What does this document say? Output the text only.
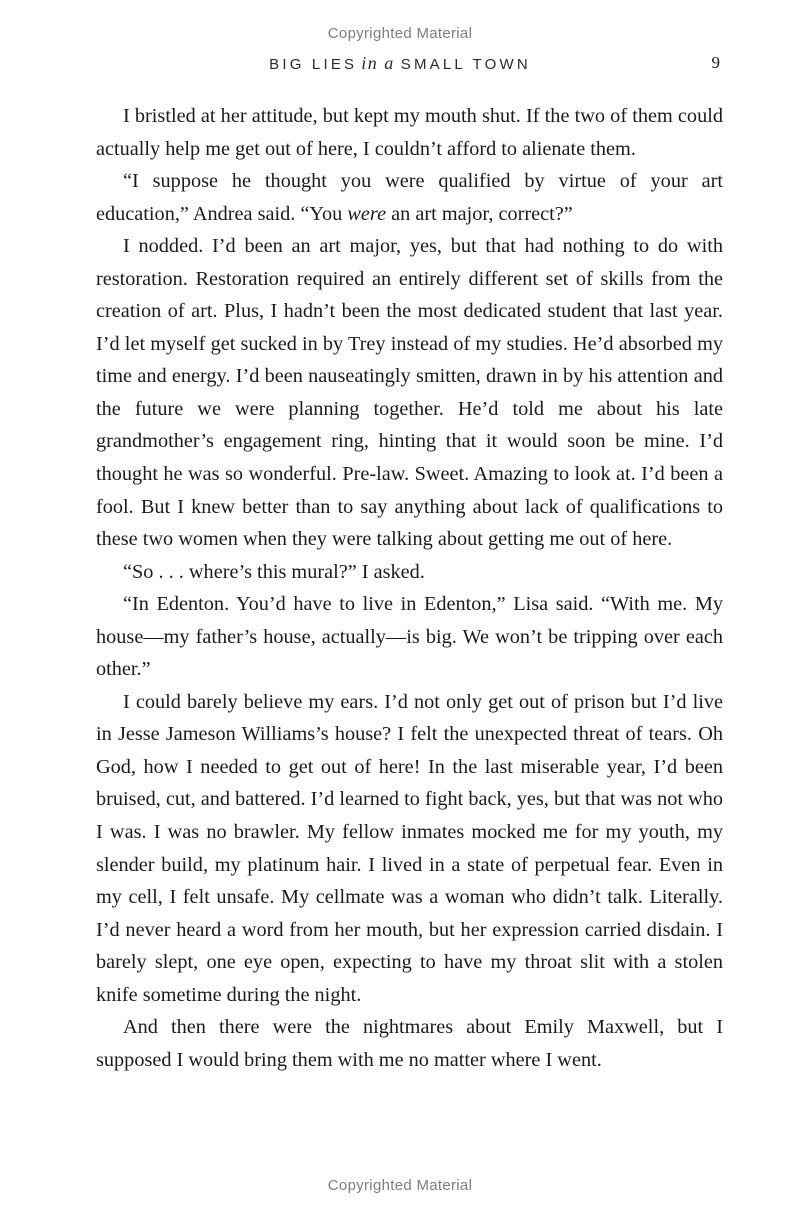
Copyrighted Material
BIG LIES in a SMALL TOWN	9

I bristled at her attitude, but kept my mouth shut. If the two of them could actually help me get out of here, I couldn’t afford to alienate them.

“I suppose he thought you were qualified by virtue of your art education,” Andrea said. “You were an art major, correct?”

I nodded. I’d been an art major, yes, but that had nothing to do with restoration. Restoration required an entirely different set of skills from the creation of art. Plus, I hadn’t been the most dedicated student that last year. I’d let myself get sucked in by Trey instead of my studies. He’d absorbed my time and energy. I’d been nauseatingly smitten, drawn in by his attention and the future we were planning together. He’d told me about his late grandmother’s engagement ring, hinting that it would soon be mine. I’d thought he was so wonderful. Pre-law. Sweet. Amazing to look at. I’d been a fool. But I knew better than to say anything about lack of qualifications to these two women when they were talking about getting me out of here.

“So . . . where’s this mural?” I asked.

“In Edenton. You’d have to live in Edenton,” Lisa said. “With me. My house—my father’s house, actually—is big. We won’t be tripping over each other.”

I could barely believe my ears. I’d not only get out of prison but I’d live in Jesse Jameson Williams’s house? I felt the unexpected threat of tears. Oh God, how I needed to get out of here! In the last miserable year, I’d been bruised, cut, and battered. I’d learned to fight back, yes, but that was not who I was. I was no brawler. My fellow inmates mocked me for my youth, my slender build, my platinum hair. I lived in a state of perpetual fear. Even in my cell, I felt unsafe. My cellmate was a woman who didn’t talk. Literally. I’d never heard a word from her mouth, but her expression carried disdain. I barely slept, one eye open, expecting to have my throat slit with a stolen knife sometime during the night.

And then there were the nightmares about Emily Maxwell, but I supposed I would bring them with me no matter where I went.

Copyrighted Material
